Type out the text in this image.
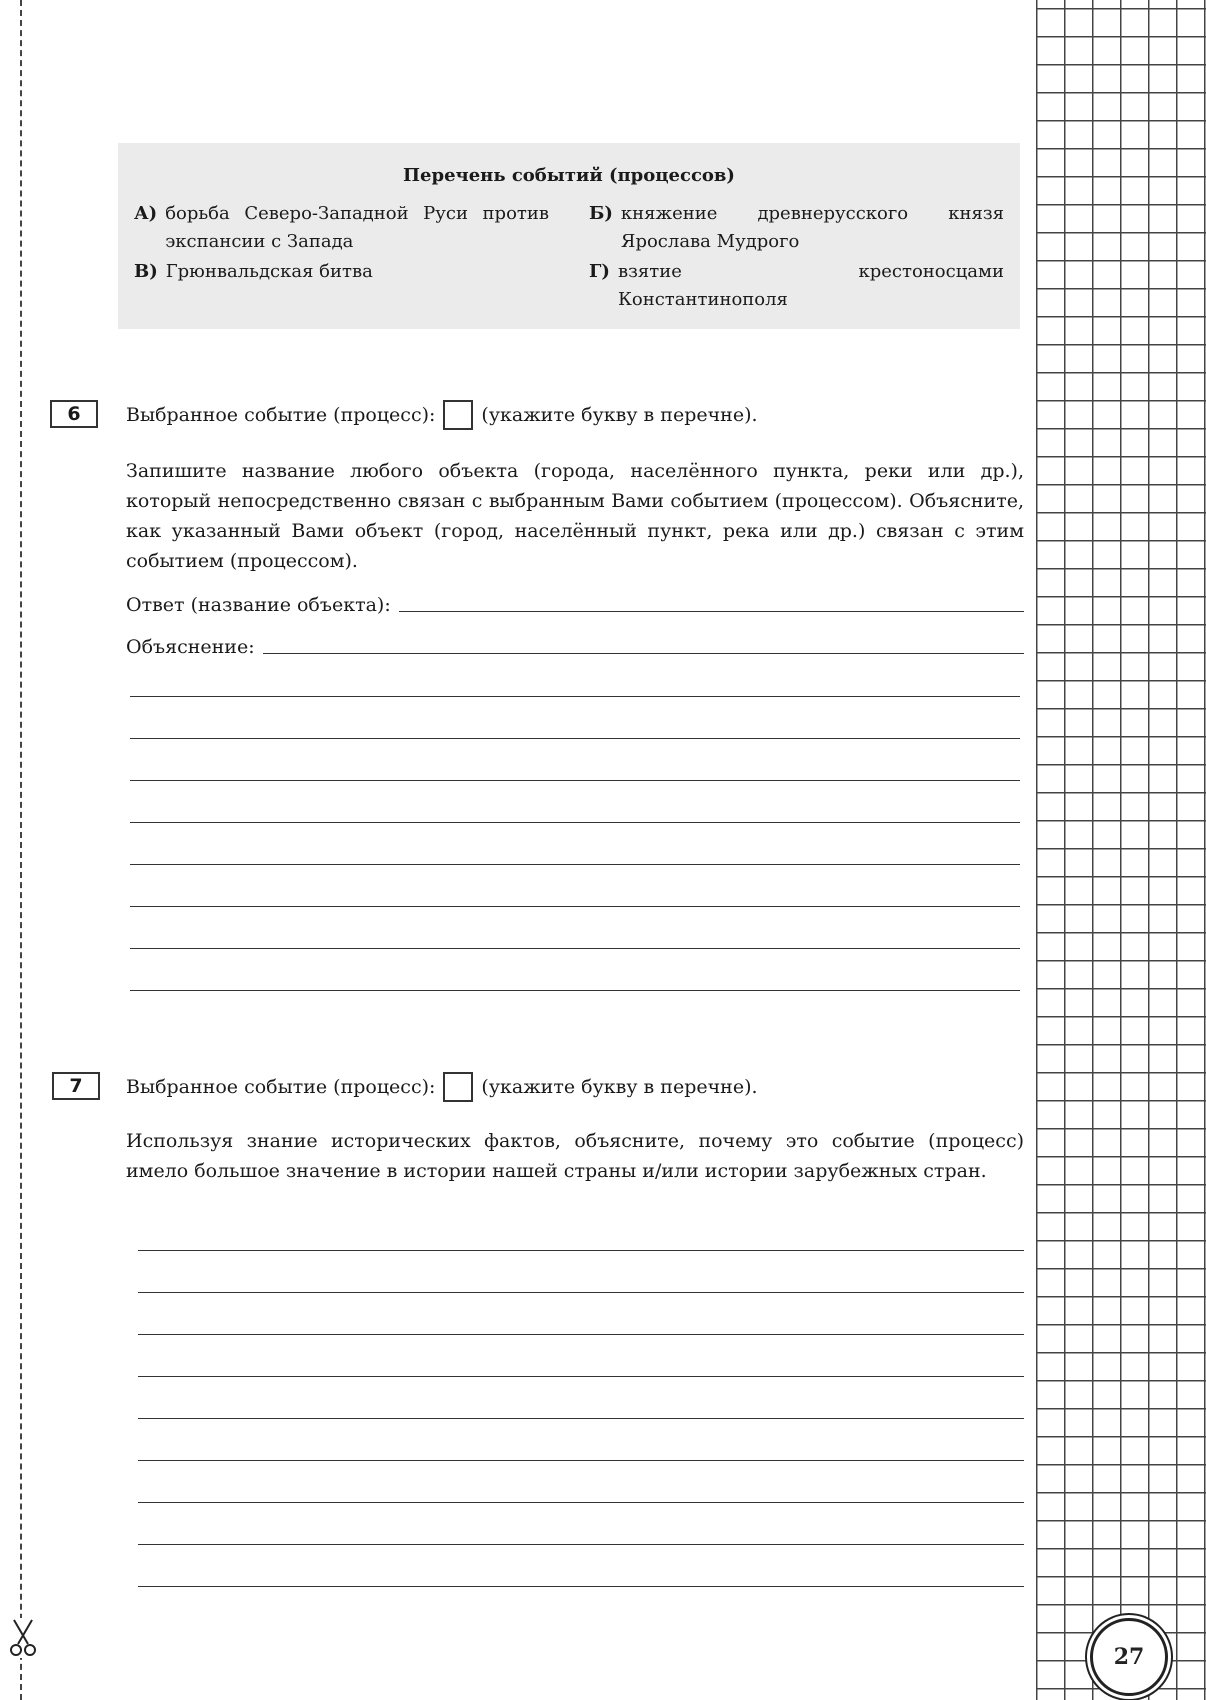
27
Перечень событий (процессов)
А) борьба Северо-Западной Руси против экспансии с Запада
Б) княжение древнерусского князя Ярослава Мудрого
В) Грюнвальдская битва	Г) взятие крестоносцами Константинополя
6	Выбранное событие (процесс): (укажите букву в перечне).
Запишите название любого объекта (города, населённого пункта, реки или др.), который непосредственно связан с выбранным Вами событием (процессом). Объясните, как указанный Вами объект (город, населённый пункт, река или др.) связан с этим событием (процессом).
Ответ (название объекта):
Объяснение:
7	Выбранное событие (процесс): (укажите букву в перечне).
Используя знание исторических фактов, объясните, почему это событие (процесс) имело большое значение в истории нашей страны и/или истории зарубежных стран.
